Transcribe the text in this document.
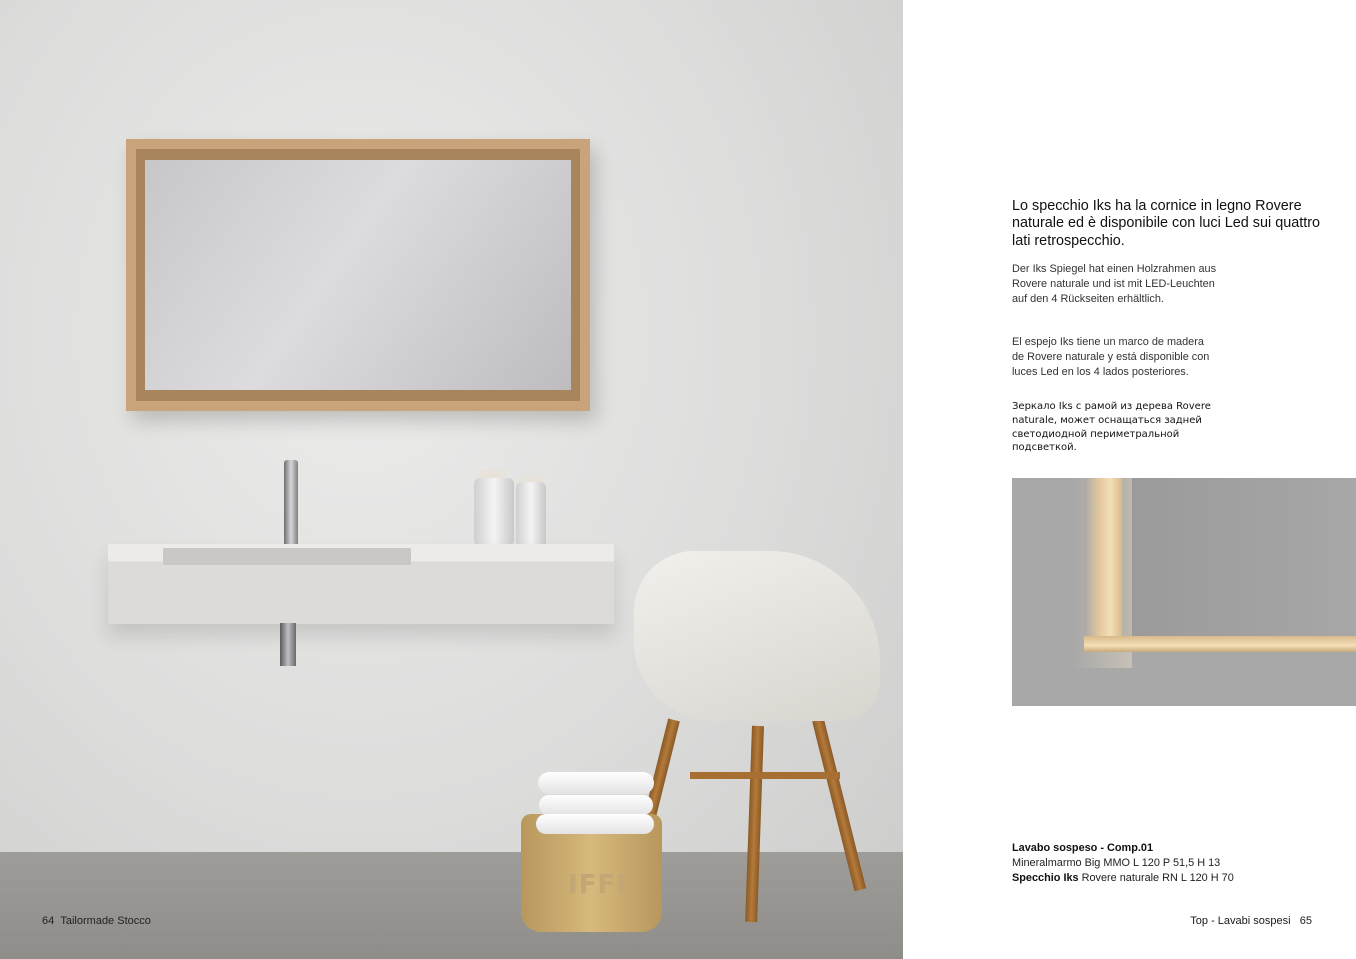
IFFI
64 Tailormade Stocco

Lo specchio Iks ha la cornice in legno Rovere naturale ed è disponibile con luci Led sui quattro lati retrospecchio.

Der Iks Spiegel hat einen Holzrahmen aus Rovere naturale und ist mit LED-Leuchten auf den 4 Rückseiten erhältlich.

El espejo Iks tiene un marco de madera de Rovere naturale y está disponible con luces Led en los 4 lados posteriores.

Зеркало Iks с рамой из дерева Rovere naturale, может оснащаться задней светодиодной периметральной подсветкой.

Lavabo sospeso - Comp.01
Mineralmarmo Big MMO L 120 P 51,5 H 13
Specchio Iks Rovere naturale RN L 120 H 70
Top - Lavabi sospesi 65
